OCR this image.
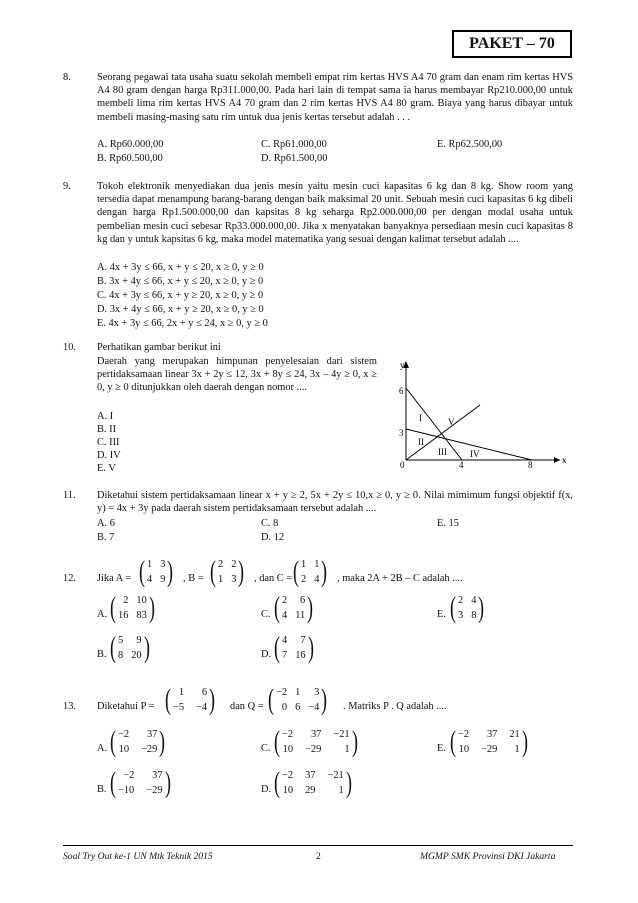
PAKET – 70
8.	Seorang pegawai tata usaha suatu sekolah membeli empat rim kertas HVS A4 70 gram dan enam rim kertas HVS A4 80 gram dengan harga Rp311.000,00. Pada hari lain di tempat sama ia harus membayar Rp210.000,00 untuk membeli lima rim kertas HVS A4 70 gram dan 2 rim kertas HVS A4 80 gram. Biaya yang harus dibayar untuk membeli masing-masing satu rim untuk dua jenis kertas tersebut adalah . . .
A. Rp60.000,00
B. Rp60.500,00
C. Rp61.000,00
D. Rp61.500,00
E. Rp62.500,00
9.	Tokoh elektronik menyediakan dua jenis mesin yaitu mesin cuci kapasitas 6 kg dan 8 kg. Show room yang tersedia dapat menampung barang-barang dengan baik maksimal 20 unit. Sebuah mesin cuci kapasitas 6 kg dibeli dengan harga Rp1.500.000,00 dan kapsitas 8 kg seharga Rp2.000.000,00 per dengan modal usaha untuk pembelian mesin cuci sebesar Rp33.000.000,00. Jika x menyatakan banyaknya persediaan mesin cuci kapasitas 8 kg dan y untuk kapsitas 6 kg, maka model matematika yang sesuai dengan kalimat tersebut adalah ....
A. 4x + 3y ≤ 66, x + y ≤ 20, x ≥ 0, y ≥ 0
B. 3x + 4y ≤ 66, x + y ≤ 20, x ≥ 0, y ≥ 0
C. 4x + 3y ≤ 66, x + y ≥ 20, x ≥ 0, y ≥ 0
D. 3x + 4y ≤ 66, x + y ≥ 20, x ≥ 0, y ≥ 0
E. 4x + 3y ≤ 66, 2x + y ≤ 24, x ≥ 0, y ≥ 0
10. Perhatikan gambar berikut ini
Daerah yang merupakan himpunan penyelesaian dari sistem pertidaksamaan linear 3x + 2y ≤ 12, 3x + 8y ≤ 24, 3x – 4y ≥ 0, x ≥ 0, y ≥ 0 ditunjukkan oleh daerah dengan nomor ....
A. I
B. II
C. III
D. IV
E. V
y
x
6
3
0	4	8
I
II
III	IV
V
11. Diketahui sistem pertidaksamaan linear x + y ≥ 2, 5x + 2y ≤ 10,x ≥ 0, y ≥ 0. Nilai mimimum fungsi objektif f(x, y) = 4x + 3y pada daerah sistem pertidaksamaan tersebut adalah ....
A. 6
B. 7
C. 8
D. 12
E. 15
12. Jika A = ( 1 3
4 9 ) , B = ( 2 2
1 3 ) , dan C = ( 1 1
2 4 ) , maka 2A + 2B – C adalah ....
A. ( 2 10
16 83 )
B. ( 5	9
8 20 )
C. ( 2	6
4 11 )
D. ( 4	7
7 16 )
E. ( 2 4
3 8 )
13. Diketahui P = ( 1	6
−5 −4 ) dan Q = ( −2 1	3
0 6 −4 ) . Matriks P . Q adalah ....
A. ( −2	37
10 −29 )
B. ( −2	37
−10 −29 )
C. ( −2	37 −21
10 −29	1 )
D. ( −2 37 −21
10 29	1 )
E. ( −2	37 21
10 −29	1 )
Soal Try Out ke-1 UN Mtk Teknik 2015	2	MGMP SMK Provinsi DKI Jakarta
